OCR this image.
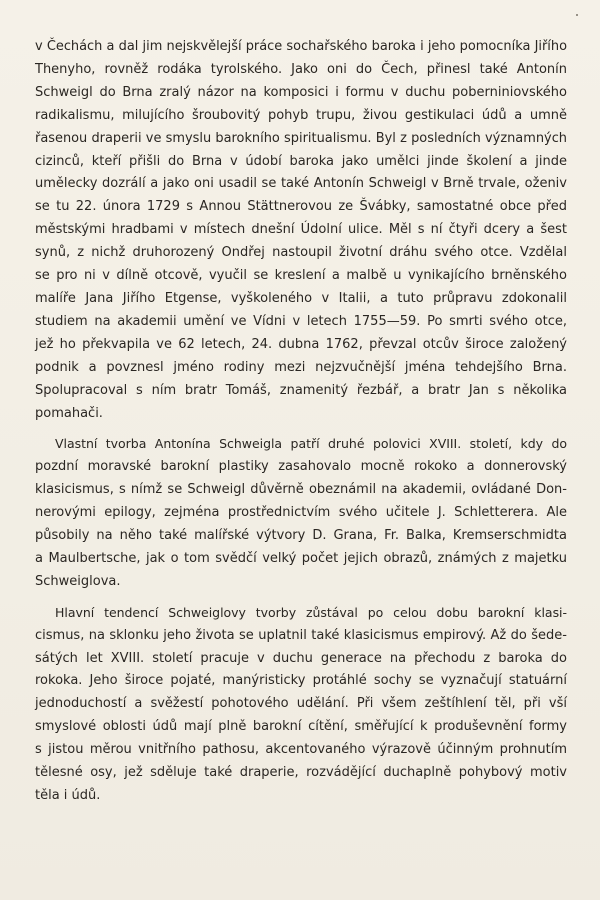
v Čechách a dal jim nejskvělejší práce sochařského baroka i jeho pomocníka Jiřího
Thenyho, rovněž rodáka tyrolského. Jako oni do Čech, přinesl také Antonín
Schweigl do Brna zralý názor na komposici i formu v duchu poberniniovského
radikalismu, milujícího šroubovitý pohyb trupu, živou gestikulaci údů a umně
řasenou draperii ve smyslu barokního spiritualismu. Byl z posledních významných
cizinců, kteří přišli do Brna v údobí baroka jako umělci jinde školení a jinde
umělecky dozrálí a jako oni usadil se také Antonín Schweigl v Brně trvale, oženiv
se tu 22. února 1729 s Annou Stättnerovou ze Švábky, samostatné obce před
městskými hradbami v místech dnešní Údolní ulice. Měl s ní čtyři dcery a šest
synů, z nichž druhorozený Ondřej nastoupil životní dráhu svého otce. Vzdělal
se pro ni v dílně otcově, vyučil se kreslení a malbě u vynikajícího brněnského
malíře Jana Jiřího Etgense, vyškoleného v Italii, a tuto průpravu zdokonalil
studiem na akademii umění ve Vídni v letech 1755—59. Po smrti svého otce,
jež ho překvapila ve 62 letech, 24. dubna 1762, převzal otcův široce založený
podnik a povznesl jméno rodiny mezi nejzvučnější jména tehdejšího Brna.
Spolupracoval s ním bratr Tomáš, znamenitý řezbář, a bratr Jan s několika
pomahači.
Vlastní tvorba Antonína Schweigla patří druhé polovici XVIII. století, kdy do
pozdní moravské barokní plastiky zasahovalo mocně rokoko a donnerovský
klasicismus, s nímž se Schweigl důvěrně obeznámil na akademii, ovládané Don-
nerovými epilogy, zejména prostřednictvím svého učitele J. Schletterera. Ale
působily na něho také malířské výtvory D. Grana, Fr. Balka, Kremserschmidta
a Maulbertsche, jak o tom svědčí velký počet jejich obrazů, známých z majetku
Schweiglova.
Hlavní tendencí Schweiglovy tvorby zůstával po celou dobu barokní klasi-
cismus, na sklonku jeho života se uplatnil také klasicismus empirový. Až do šede-
sátých let XVIII. století pracuje v duchu generace na přechodu z baroka do
rokoka. Jeho široce pojaté, manýristicky protáhlé sochy se vyznačují statuární
jednoduchostí a svěžestí pohotového udělání. Při všem zeštíhlení těl, při vší
smyslové oblosti údů mají plně barokní cítění, směřující k produševnění formy
s jistou měrou vnitřního pathosu, akcentovaného výrazově účinným prohnutím
tělesné osy, jež sděluje také draperie, rozvádějící duchaplně pohybový motiv
těla i údů.
